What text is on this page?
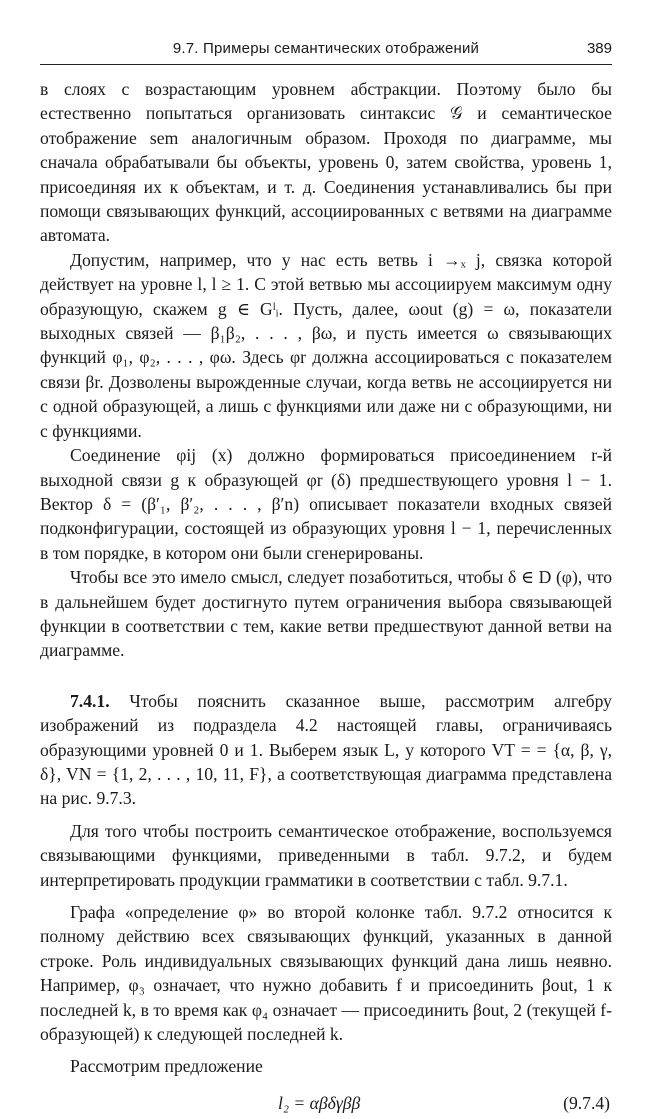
9.7. Примеры семантических отображений	389

в слоях с возрастающим уровнем абстракции. Поэтому было бы естественно попытаться организовать синтаксис 𝒢 и семантическое отображение sem аналогичным образом. Проходя по диаграмме, мы сначала обрабатывали бы объекты, уровень 0, затем свойства, уровень 1, присоединяя их к объектам, и т. д. Соединения устанавливались бы при помощи связывающих функций, ассоциированных с ветвями на диаграмме автомата.

Допустим, например, что у нас есть ветвь i →ₓ j, связка которой действует на уровне l, l ≥ 1. С этой ветвью мы ассоциируем максимум одну образующую, скажем g ∈ Gˡᵢ. Пусть, далее, ωout (g) = ω, показатели выходных связей — β₁β₂, . . . , βω, и пусть имеется ω связывающих функций φ₁, φ₂, . . . , φω. Здесь φr должна ассоциироваться с показателем связи βr. Дозволены вырожденные случаи, когда ветвь не ассоциируется ни с одной образующей, а лишь с функциями или даже ни с образующими, ни с функциями.

Соединение φij (x) должно формироваться присоединением r-й выходной связи g к образующей φr (δ) предшествующего уровня l − 1. Вектор δ = (β′₁, β′₂, . . . , β′n) описывает показатели входных связей подконфигурации, состоящей из образующих уровня l − 1, перечисленных в том порядке, в котором они были сгенерированы.

Чтобы все это имело смысл, следует позаботиться, чтобы δ ∈ D (φ), что в дальнейшем будет достигнуто путем ограничения выбора связывающей функции в соответствии с тем, какие ветви предшествуют данной ветви на диаграмме.

7.4.1. Чтобы пояснить сказанное выше, рассмотрим алгебру изображений из подраздела 4.2 настоящей главы, ограничиваясь образующими уровней 0 и 1. Выберем язык L, у которого VT = = {α, β, γ, δ}, VN = {1, 2, . . . , 10, 11, F}, а соответствующая диаграмма представлена на рис. 9.7.3.

Для того чтобы построить семантическое отображение, воспользуемся связывающими функциями, приведенными в табл. 9.7.2, и будем интерпретировать продукции грамматики в соответствии с табл. 9.7.1.

Графа «определение φ» во второй колонке табл. 9.7.2 относится к полному действию всех связывающих функций, указанных в данной строке. Роль индивидуальных связывающих функций дана лишь неявно. Например, φ₃ означает, что нужно добавить f и присоединить βout, 1 к последней k, в то время как φ₄ означает — присоединить βout, 2 (текущей f-образующей) к следующей последней k.

Рассмотрим предложение

l₂ = αβδγββ	(9.7.4)
